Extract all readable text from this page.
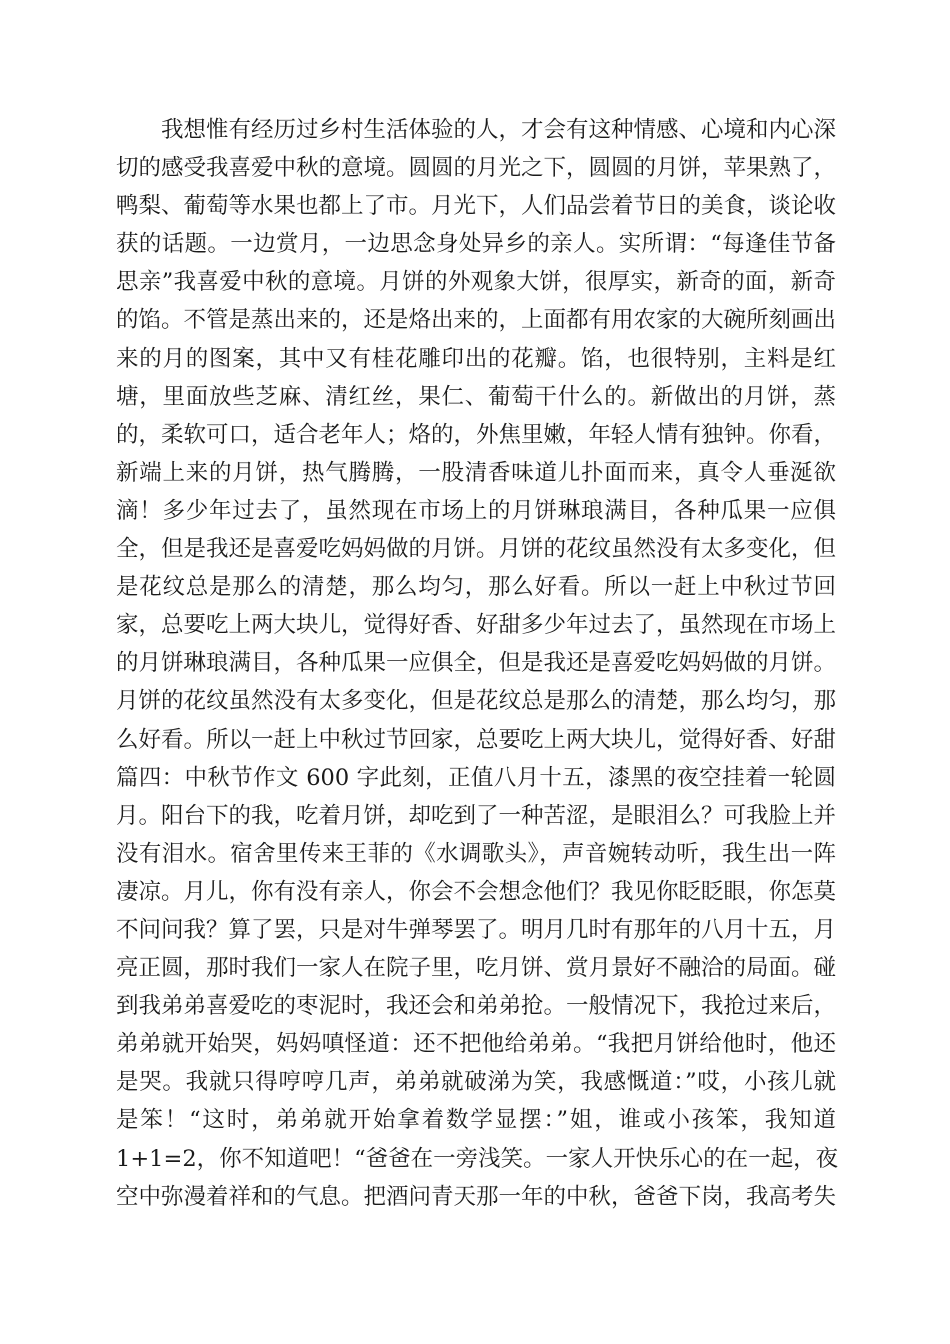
我想惟有经历过乡村生活体验的人，才会有这种情感、心境和内心深
切的感受我喜爱中秋的意境。圆圆的月光之下，圆圆的月饼，苹果熟了，
鸭梨、葡萄等水果也都上了市。月光下，人们品尝着节日的美食，谈论收
获的话题。一边赏月，一边思念身处异乡的亲人。实所谓：“每逢佳节备
思亲”我喜爱中秋的意境。月饼的外观象大饼，很厚实，新奇的面，新奇
的馅。不管是蒸出来的，还是烙出来的，上面都有用农家的大碗所刻画出
来的月的图案，其中又有桂花雕印出的花瓣。馅，也很特别，主料是红
塘，里面放些芝麻、清红丝，果仁、葡萄干什么的。新做出的月饼，蒸
的，柔软可口，适合老年人；烙的，外焦里嫩，年轻人情有独钟。你看，
新端上来的月饼，热气腾腾，一股清香味道儿扑面而来，真令人垂涎欲
滴！多少年过去了，虽然现在市场上的月饼琳琅满目，各种瓜果一应俱
全，但是我还是喜爱吃妈妈做的月饼。月饼的花纹虽然没有太多变化，但
是花纹总是那么的清楚，那么均匀，那么好看。所以一赶上中秋过节回
家，总要吃上两大块儿，觉得好香、好甜多少年过去了，虽然现在市场上
的月饼琳琅满目，各种瓜果一应俱全，但是我还是喜爱吃妈妈做的月饼。
月饼的花纹虽然没有太多变化，但是花纹总是那么的清楚，那么均匀，那
么好看。所以一赶上中秋过节回家，总要吃上两大块儿，觉得好香、好甜
篇四：中秋节作文 600 字此刻，正值八月十五，漆黑的夜空挂着一轮圆
月。阳台下的我，吃着月饼，却吃到了一种苦涩，是眼泪么？可我脸上并
没有泪水。宿舍里传来王菲的《水调歌头》，声音婉转动听，我生出一阵
凄凉。月儿，你有没有亲人，你会不会想念他们？我见你眨眨眼，你怎莫
不问问我？算了罢，只是对牛弹琴罢了。明月几时有那年的八月十五，月
亮正圆，那时我们一家人在院子里，吃月饼、赏月景好不融洽的局面。碰
到我弟弟喜爱吃的枣泥时，我还会和弟弟抢。一般情况下，我抢过来后，
弟弟就开始哭，妈妈嗔怪道：还不把他给弟弟。“我把月饼给他时，他还
是哭。我就只得哼哼几声，弟弟就破涕为笑，我感慨道：”哎，小孩儿就
是笨！“这时，弟弟就开始拿着数学显摆：”姐，谁或小孩笨，我知道
1+1=2，你不知道吧！“爸爸在一旁浅笑。一家人开快乐心的在一起，夜
空中弥漫着祥和的气息。把酒问青天那一年的中秋，爸爸下岗，我高考失
